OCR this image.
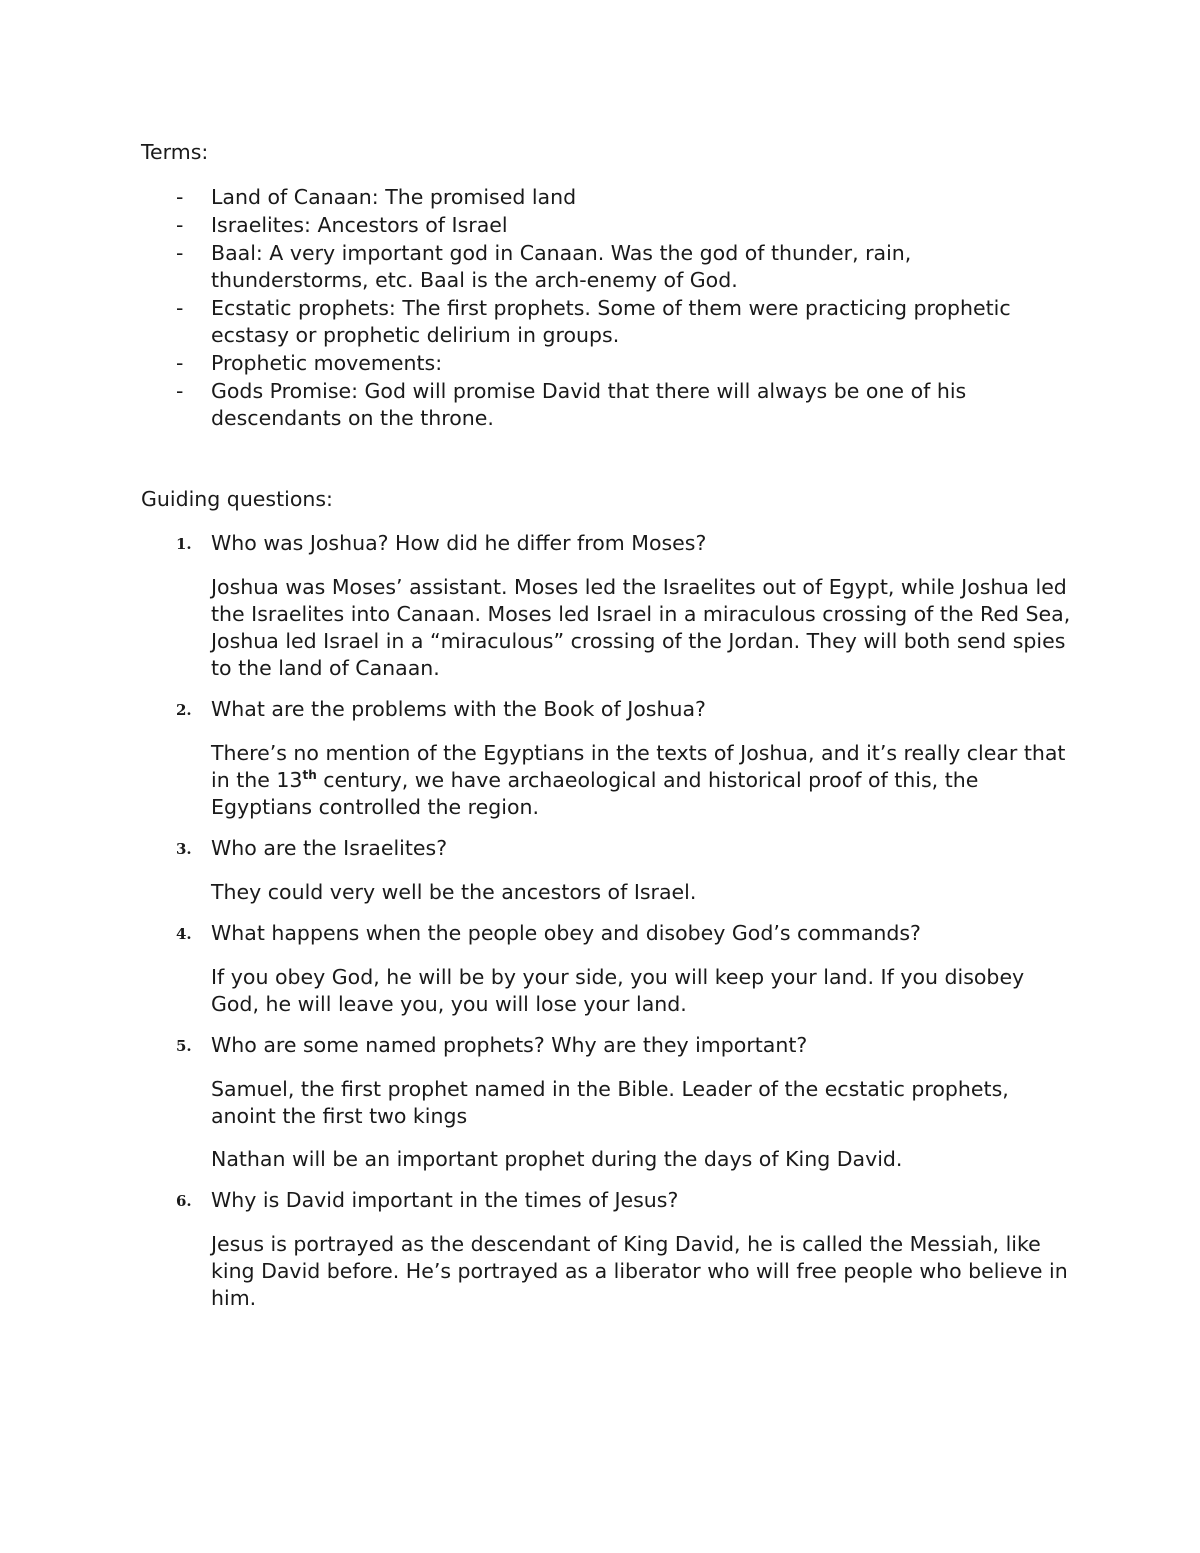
Terms:

- Land of Canaan: The promised land
- Israelites: Ancestors of Israel
- Baal: A very important god in Canaan. Was the god of thunder, rain, thunderstorms, etc. Baal is the arch-enemy of God.
- Ecstatic prophets: The first prophets. Some of them were practicing prophetic ecstasy or prophetic delirium in groups.
- Prophetic movements:
- Gods Promise: God will promise David that there will always be one of his descendants on the throne.

Guiding questions:

1. Who was Joshua? How did he differ from Moses?

Joshua was Moses’ assistant. Moses led the Israelites out of Egypt, while Joshua led the Israelites into Canaan. Moses led Israel in a miraculous crossing of the Red Sea, Joshua led Israel in a “miraculous” crossing of the Jordan. They will both send spies to the land of Canaan.

2. What are the problems with the Book of Joshua?

There’s no mention of the Egyptians in the texts of Joshua, and it’s really clear that in the 13th century, we have archaeological and historical proof of this, the Egyptians controlled the region.

3. Who are the Israelites?

They could very well be the ancestors of Israel.

4. What happens when the people obey and disobey God’s commands?

If you obey God, he will be by your side, you will keep your land. If you disobey God, he will leave you, you will lose your land.

5. Who are some named prophets? Why are they important?

Samuel, the first prophet named in the Bible. Leader of the ecstatic prophets, anoint the first two kings

Nathan will be an important prophet during the days of King David.

6. Why is David important in the times of Jesus?

Jesus is portrayed as the descendant of King David, he is called the Messiah, like king David before. He’s portrayed as a liberator who will free people who believe in him.
